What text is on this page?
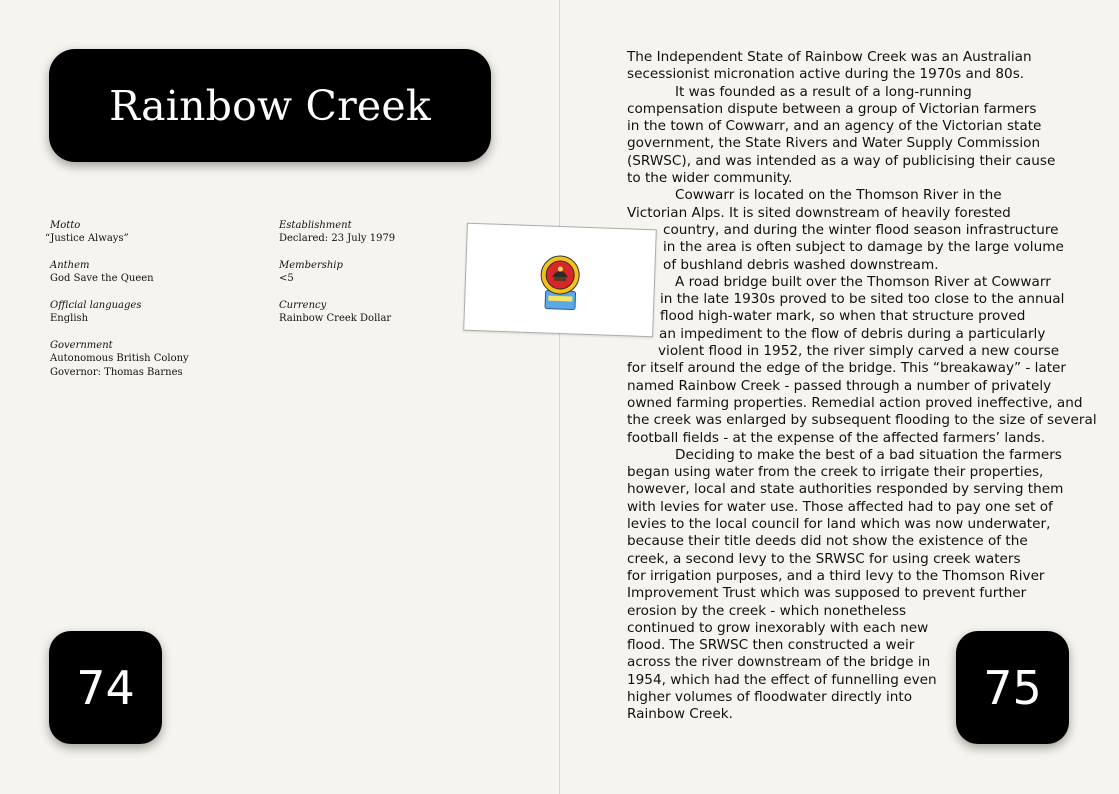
Rainbow Creek
Motto
“Justice Always”
Anthem
God Save the Queen
Official languages
English
Government
Autonomous British Colony
Governor: Thomas Barnes
Establishment
Declared: 23 July 1979
Membership
<5
Currency
Rainbow Creek Dollar
74
The Independent State of Rainbow Creek was an Australian
secessionist micronation active during the 1970s and 80s.
It was founded as a result of a long-running
compensation dispute between a group of Victorian farmers
in the town of Cowwarr, and an agency of the Victorian state
government, the State Rivers and Water Supply Commission
(SRWSC), and was intended as a way of publicising their cause
to the wider community.
Cowwarr is located on the Thomson River in the
Victorian Alps. It is sited downstream of heavily forested
country, and during the winter flood season infrastructure
in the area is often subject to damage by the large volume
of bushland debris washed downstream.
A road bridge built over the Thomson River at Cowwarr
in the late 1930s proved to be sited too close to the annual
flood high-water mark, so when that structure proved
an impediment to the flow of debris during a particularly
violent flood in 1952, the river simply carved a new course
for itself around the edge of the bridge. This “breakaway” - later
named Rainbow Creek - passed through a number of privately
owned farming properties. Remedial action proved ineffective, and
the creek was enlarged by subsequent flooding to the size of several
football fields - at the expense of the affected farmers’ lands.
Deciding to make the best of a bad situation the farmers
began using water from the creek to irrigate their properties,
however, local and state authorities responded by serving them
with levies for water use. Those affected had to pay one set of
levies to the local council for land which was now underwater,
because their title deeds did not show the existence of the
creek, a second levy to the SRWSC for using creek waters
for irrigation purposes, and a third levy to the Thomson River
Improvement Trust which was supposed to prevent further
erosion by the creek - which nonetheless
continued to grow inexorably with each new
flood. The SRWSC then constructed a weir
across the river downstream of the bridge in
1954, which had the effect of funnelling even
higher volumes of floodwater directly into
Rainbow Creek.	75
